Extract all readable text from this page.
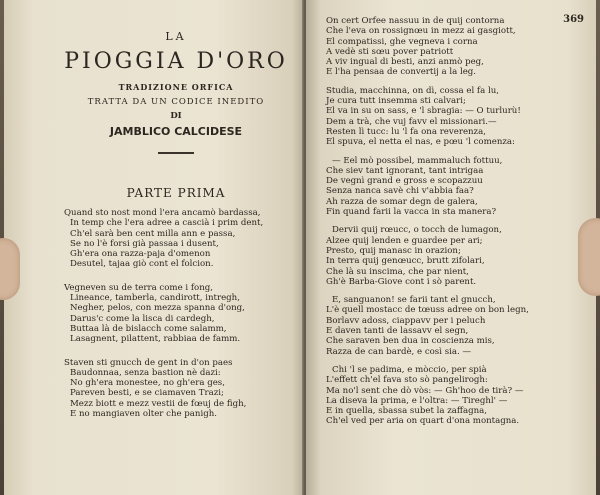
LA
PIOGGIA D'ORO
TRADIZIONE ORFICA
TRATTA DA UN CODICE INEDITO
DI
JAMBLICO CALCIDESE
PARTE PRIMA
Quand sto nost mond l'era ancamò bardassa,
In temp che l'era adree a cascià i prim dent,
Ch'el sarà ben cent milla ann e passa,
Se no l'è forsi già passaa i dusent,
Gh'era ona razza-paja d'omenon
Desutel, tajaa giò cont el folcion.
Vegneven su de terra come i fong,
Lineance, tamberla, candirott, intregh,
Negher, pelos, con mezza spanna d'ong,
Darus'c come la lisca di cardegh,
Buttaa là de bislacch come salamm,
Lasagnent, pilattent, rabbiaa de famm.
Staven sti gnucch de gent in d'on paes
Baudonnaa, senza bastion nè dazi:
No gh'era monestee, no gh'era ges,
Pareven besti, e se ciamaven Trazi;
Mezz biott e mezz vestii de fœuj de figh,
E no mangiaven olter che panigh.
369
On cert Orfee nassuu in de quij contorna
Che l'eva on rossignœu in mezz ai gasgiott,
El compatissi, ghe vegneva i corna
A vedè sti sœu pover patriott
A viv ingual di besti, anzi anmò peg,
E l'ha pensaa de convertij a la leg.
Studia, macchinna, on dì, cossa el fa lu,
Je cura tutt insemma sti calvari;
El va in su on sass, e 'l sbragia: — O turlurù!
Dem a trà, che vuj favv el missionari.—
Resten lì tucc: lu 'l fa ona reverenza,
El spuva, el netta el nas, e pœu 'l comenza:
— Eel mò possibel, mammaluch fottuu,
Che siev tant ignorant, tant intrigaa
De vegnì grand e gross e scopazzuu
Senza nanca savè chi v'abbia faa?
Ah razza de somar degn de galera,
Fin quand farii la vacca in sta manera?
Dervii quij rœucc, o tocch de lumagon,
Alzee quij lenden e guardee per ari;
Presto, quij manasc in orazion;
In terra quij genœucc, brutt zifolari,
Che là su inscima, che par nient,
Gh'è Barba-Giove cont i sò parent.
E, sanguanon! se farii tant el gnucch,
L'è quell mostacc de tœuss adree on bon legn,
Borlavv adoss, ciappavv per i peluch
E daven tanti de lassavv el segn,
Che saraven ben dua in coscienza mis,
Razza de can bardè, e così sia. —
Chi 'l se padima, e mòccio, per spià
L'effett ch'el fava sto sò pangelirogh:
Ma no'l sent che dò vòs: — Gh'hoo de tirà? —
La diseva la prima, e l'oltra: — Tireghl' —
E in quella, sbassa subet la zaffagna,
Ch'el ved per aria on quart d'ona montagna.
